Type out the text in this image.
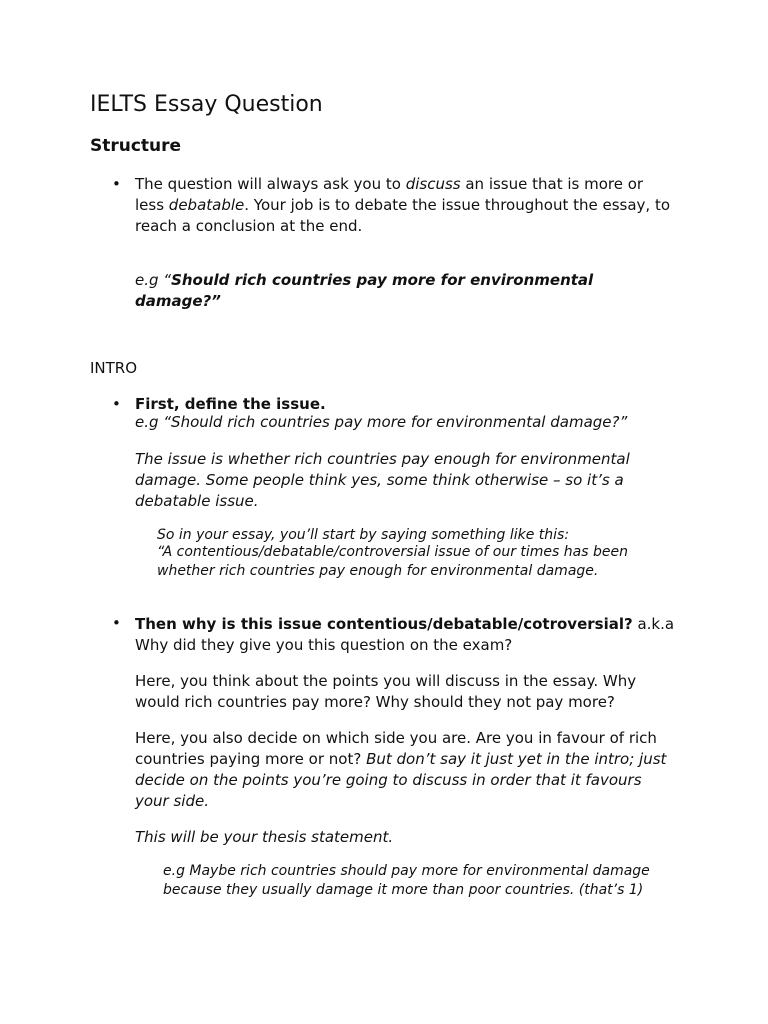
IELTS Essay Question
Structure
• The question will always ask you to discuss an issue that is more or less debatable. Your job is to debate the issue throughout the essay, to reach a conclusion at the end.

e.g “Should rich countries pay more for environmental damage?”

INTRO

• First, define the issue.

e.g “Should rich countries pay more for environmental damage?”

The issue is whether rich countries pay enough for environmental damage. Some people think yes, some think otherwise – so it’s a debatable issue.

So in your essay, you’ll start by saying something like this:

“A contentious/debatable/controversial issue of our times has been whether rich countries pay enough for environmental damage.

• Then why is this issue contentious/debatable/cotroversial? a.k.a Why did they give you this question on the exam?

Here, you think about the points you will discuss in the essay. Why would rich countries pay more? Why should they not pay more?

Here, you also decide on which side you are. Are you in favour of rich countries paying more or not? But don’t say it just yet in the intro; just decide on the points you’re going to discuss in order that it favours your side.

This will be your thesis statement.

e.g Maybe rich countries should pay more for environmental damage because they usually damage it more than poor countries. (that’s 1)
